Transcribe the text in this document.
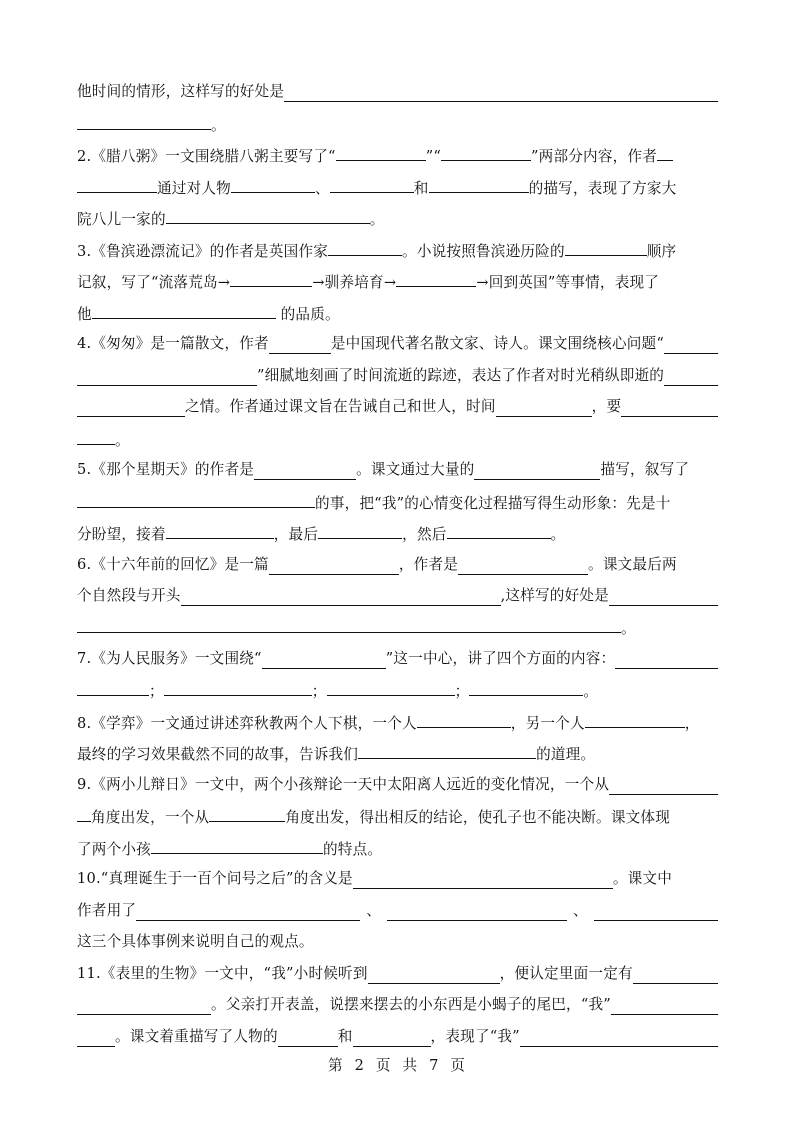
他时间的情形，这样写的好处是
。
2.《腊八粥》一文围绕腊八粥主要写了“	”“	”两部分内容，作者
通过对人物	、	和	的描写，表现了方家大
院八儿一家的	。
3.《鲁滨逊漂流记》的作者是英国作家	。小说按照鲁滨逊历险的	顺序
记叙，写了“流落荒岛→	→驯养培育→	→回到英国”等事情，表现了
他	的品质。
4.《匆匆》是一篇散文，作者	是中国现代著名散文家、诗人。课文围绕核心问题“
”细腻地刻画了时间流逝的踪迹，表达了作者对时光稍纵即逝的
之情。作者通过课文旨在告诫自己和世人，时间	，要
。
5.《那个星期天》的作者是	。课文通过大量的	描写，叙写了
的事，把“我”的心情变化过程描写得生动形象：先是十
分盼望，接着	，最后	，然后	。
6.《十六年前的回忆》是一篇	，作者是	。课文最后两
个自然段与开头	,这样写的好处是
。
7.《为人民服务》一文围绕“	”这一中心，讲了四个方面的内容：
；	；	；	。
8.《学弈》一文通过讲述弈秋教两个人下棋，一个人	，另一个人	，
最终的学习效果截然不同的故事，告诉我们	的道理。
9.《两小儿辩日》一文中，两个小孩辩论一天中太阳离人远近的变化情况，一个从
角度出发，一个从	角度出发，得出相反的结论，使孔子也不能决断。课文体现
了两个小孩	的特点。
10.“真理诞生于一百个问号之后”的含义是	。课文中
作者用了	、	、
这三个具体事例来说明自己的观点。
11.《表里的生物》一文中，“我”小时候听到	，便认定里面一定有
。父亲打开表盖，说摆来摆去的小东西是小蝎子的尾巴，“我”
。课文着重描写了人物的	和	，表现了“我”
第 2 页 共 7 页
